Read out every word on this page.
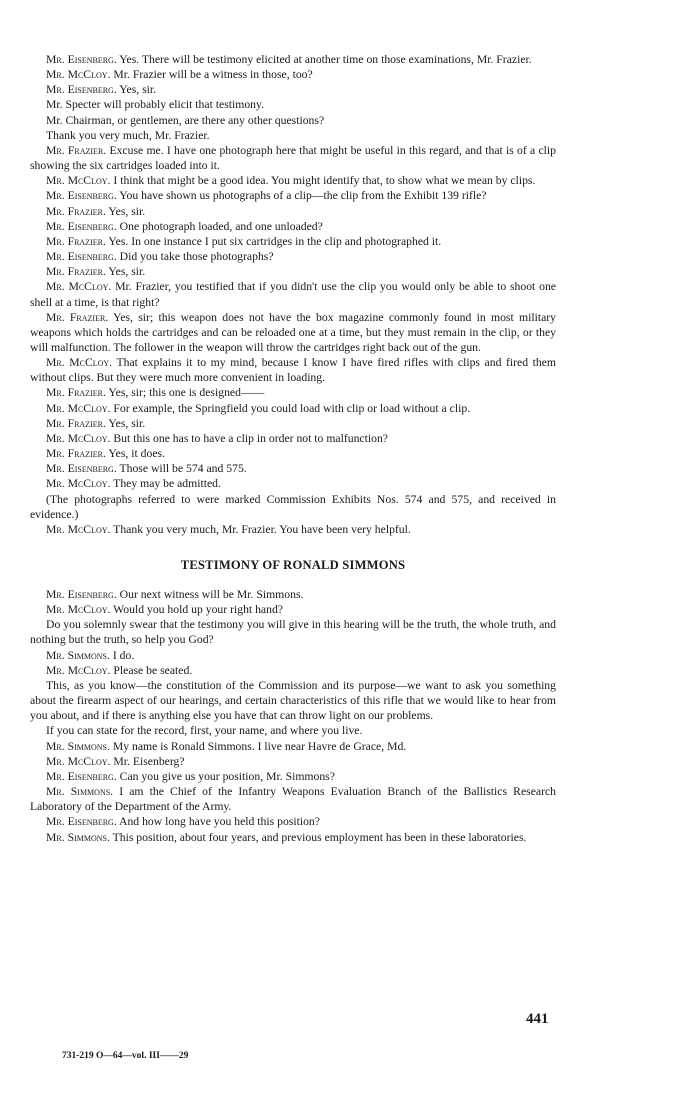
Mr. Eisenberg. Yes. There will be testimony elicited at another time on those examinations, Mr. Frazier.

Mr. McCloy. Mr. Frazier will be a witness in those, too?

Mr. Eisenberg. Yes, sir.

Mr. Specter will probably elicit that testimony.

Mr. Chairman, or gentlemen, are there any other questions?

Thank you very much, Mr. Frazier.

Mr. Frazier. Excuse me. I have one photograph here that might be useful in this regard, and that is of a clip showing the six cartridges loaded into it.

Mr. McCloy. I think that might be a good idea. You might identify that, to show what we mean by clips.

Mr. Eisenberg. You have shown us photographs of a clip—the clip from the Exhibit 139 rifle?

Mr. Frazier. Yes, sir.

Mr. Eisenberg. One photograph loaded, and one unloaded?

Mr. Frazier. Yes. In one instance I put six cartridges in the clip and photographed it.

Mr. Eisenberg. Did you take those photographs?

Mr. Frazier. Yes, sir.

Mr. McCloy. Mr. Frazier, you testified that if you didn't use the clip you would only be able to shoot one shell at a time, is that right?

Mr. Frazier. Yes, sir; this weapon does not have the box magazine commonly found in most military weapons which holds the cartridges and can be reloaded one at a time, but they must remain in the clip, or they will malfunction. The follower in the weapon will throw the cartridges right back out of the gun.

Mr. McCloy. That explains it to my mind, because I know I have fired rifles with clips and fired them without clips. But they were much more convenient in loading.

Mr. Frazier. Yes, sir; this one is designed——

Mr. McCloy. For example, the Springfield you could load with clip or load without a clip.

Mr. Frazier. Yes, sir.

Mr. McCloy. But this one has to have a clip in order not to malfunction?

Mr. Frazier. Yes, it does.

Mr. Eisenberg. Those will be 574 and 575.

Mr. McCloy. They may be admitted.

(The photographs referred to were marked Commission Exhibits Nos. 574 and 575, and received in evidence.)

Mr. McCloy. Thank you very much, Mr. Frazier. You have been very helpful.

TESTIMONY OF RONALD SIMMONS

Mr. Eisenberg. Our next witness will be Mr. Simmons.

Mr. McCloy. Would you hold up your right hand?

Do you solemnly swear that the testimony you will give in this hearing will be the truth, the whole truth, and nothing but the truth, so help you God?

Mr. Simmons. I do.

Mr. McCloy. Please be seated.

This, as you know—the constitution of the Commission and its purpose—we want to ask you something about the firearm aspect of our hearings, and certain characteristics of this rifle that we would like to hear from you about, and if there is anything else you have that can throw light on our problems.

If you can state for the record, first, your name, and where you live.

Mr. Simmons. My name is Ronald Simmons. I live near Havre de Grace, Md.

Mr. McCloy. Mr. Eisenberg?

Mr. Eisenberg. Can you give us your position, Mr. Simmons?

Mr. Simmons. I am the Chief of the Infantry Weapons Evaluation Branch of the Ballistics Research Laboratory of the Department of the Army.

Mr. Eisenberg. And how long have you held this position?

Mr. Simmons. This position, about four years, and previous employment has been in these laboratories.

441
731-219 O—64—vol. III——29
